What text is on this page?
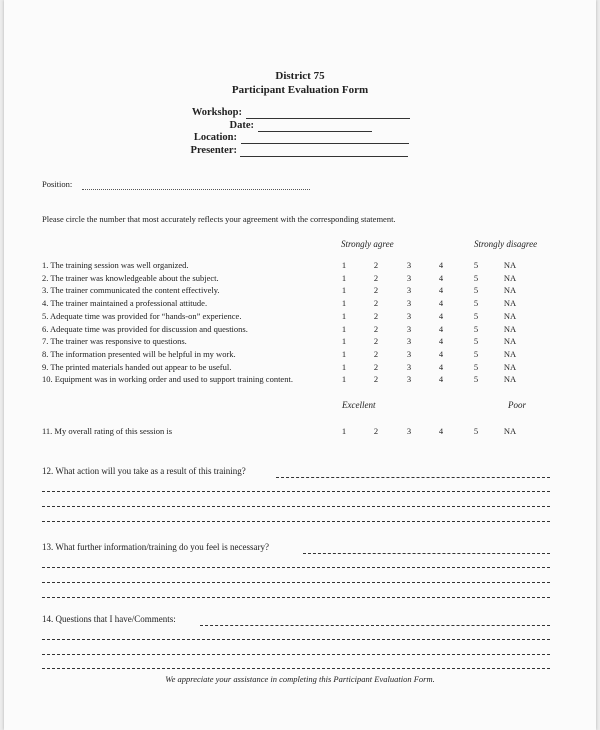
District 75
Participant Evaluation Form
Workshop:
Date:
Location:
Presenter:
Position:
Please circle the number that most accurately reflects your agreement with the corresponding statement.
Strongly agree	Strongly disagree
1. The training session was well organized.	1	2	3	4	5	NA
2. The trainer was knowledgeable about the subject.	1	2	3	4	5	NA
3. The trainer communicated the content effectively.	1	2	3	4	5	NA
4. The trainer maintained a professional attitude.	1	2	3	4	5	NA
5. Adequate time was provided for “hands-on” experience.	1	2	3	4	5	NA
6. Adequate time was provided for discussion and questions.	1	2	3	4	5	NA
7. The trainer was responsive to questions.	1	2	3	4	5	NA
8. The information presented will be helpful in my work.	1	2	3	4	5	NA
9. The printed materials handed out appear to be useful.	1	2	3	4	5	NA
10. Equipment was in working order and used to support training content.	1	2	3	4	5	NA
Excellent	Poor
11. My overall rating of this session is	1	2	3	4	5	NA
12. What action will you take as a result of this training?
13. What further information/training do you feel is necessary?
14. Questions that I have/Comments:
We appreciate your assistance in completing this Participant Evaluation Form.
